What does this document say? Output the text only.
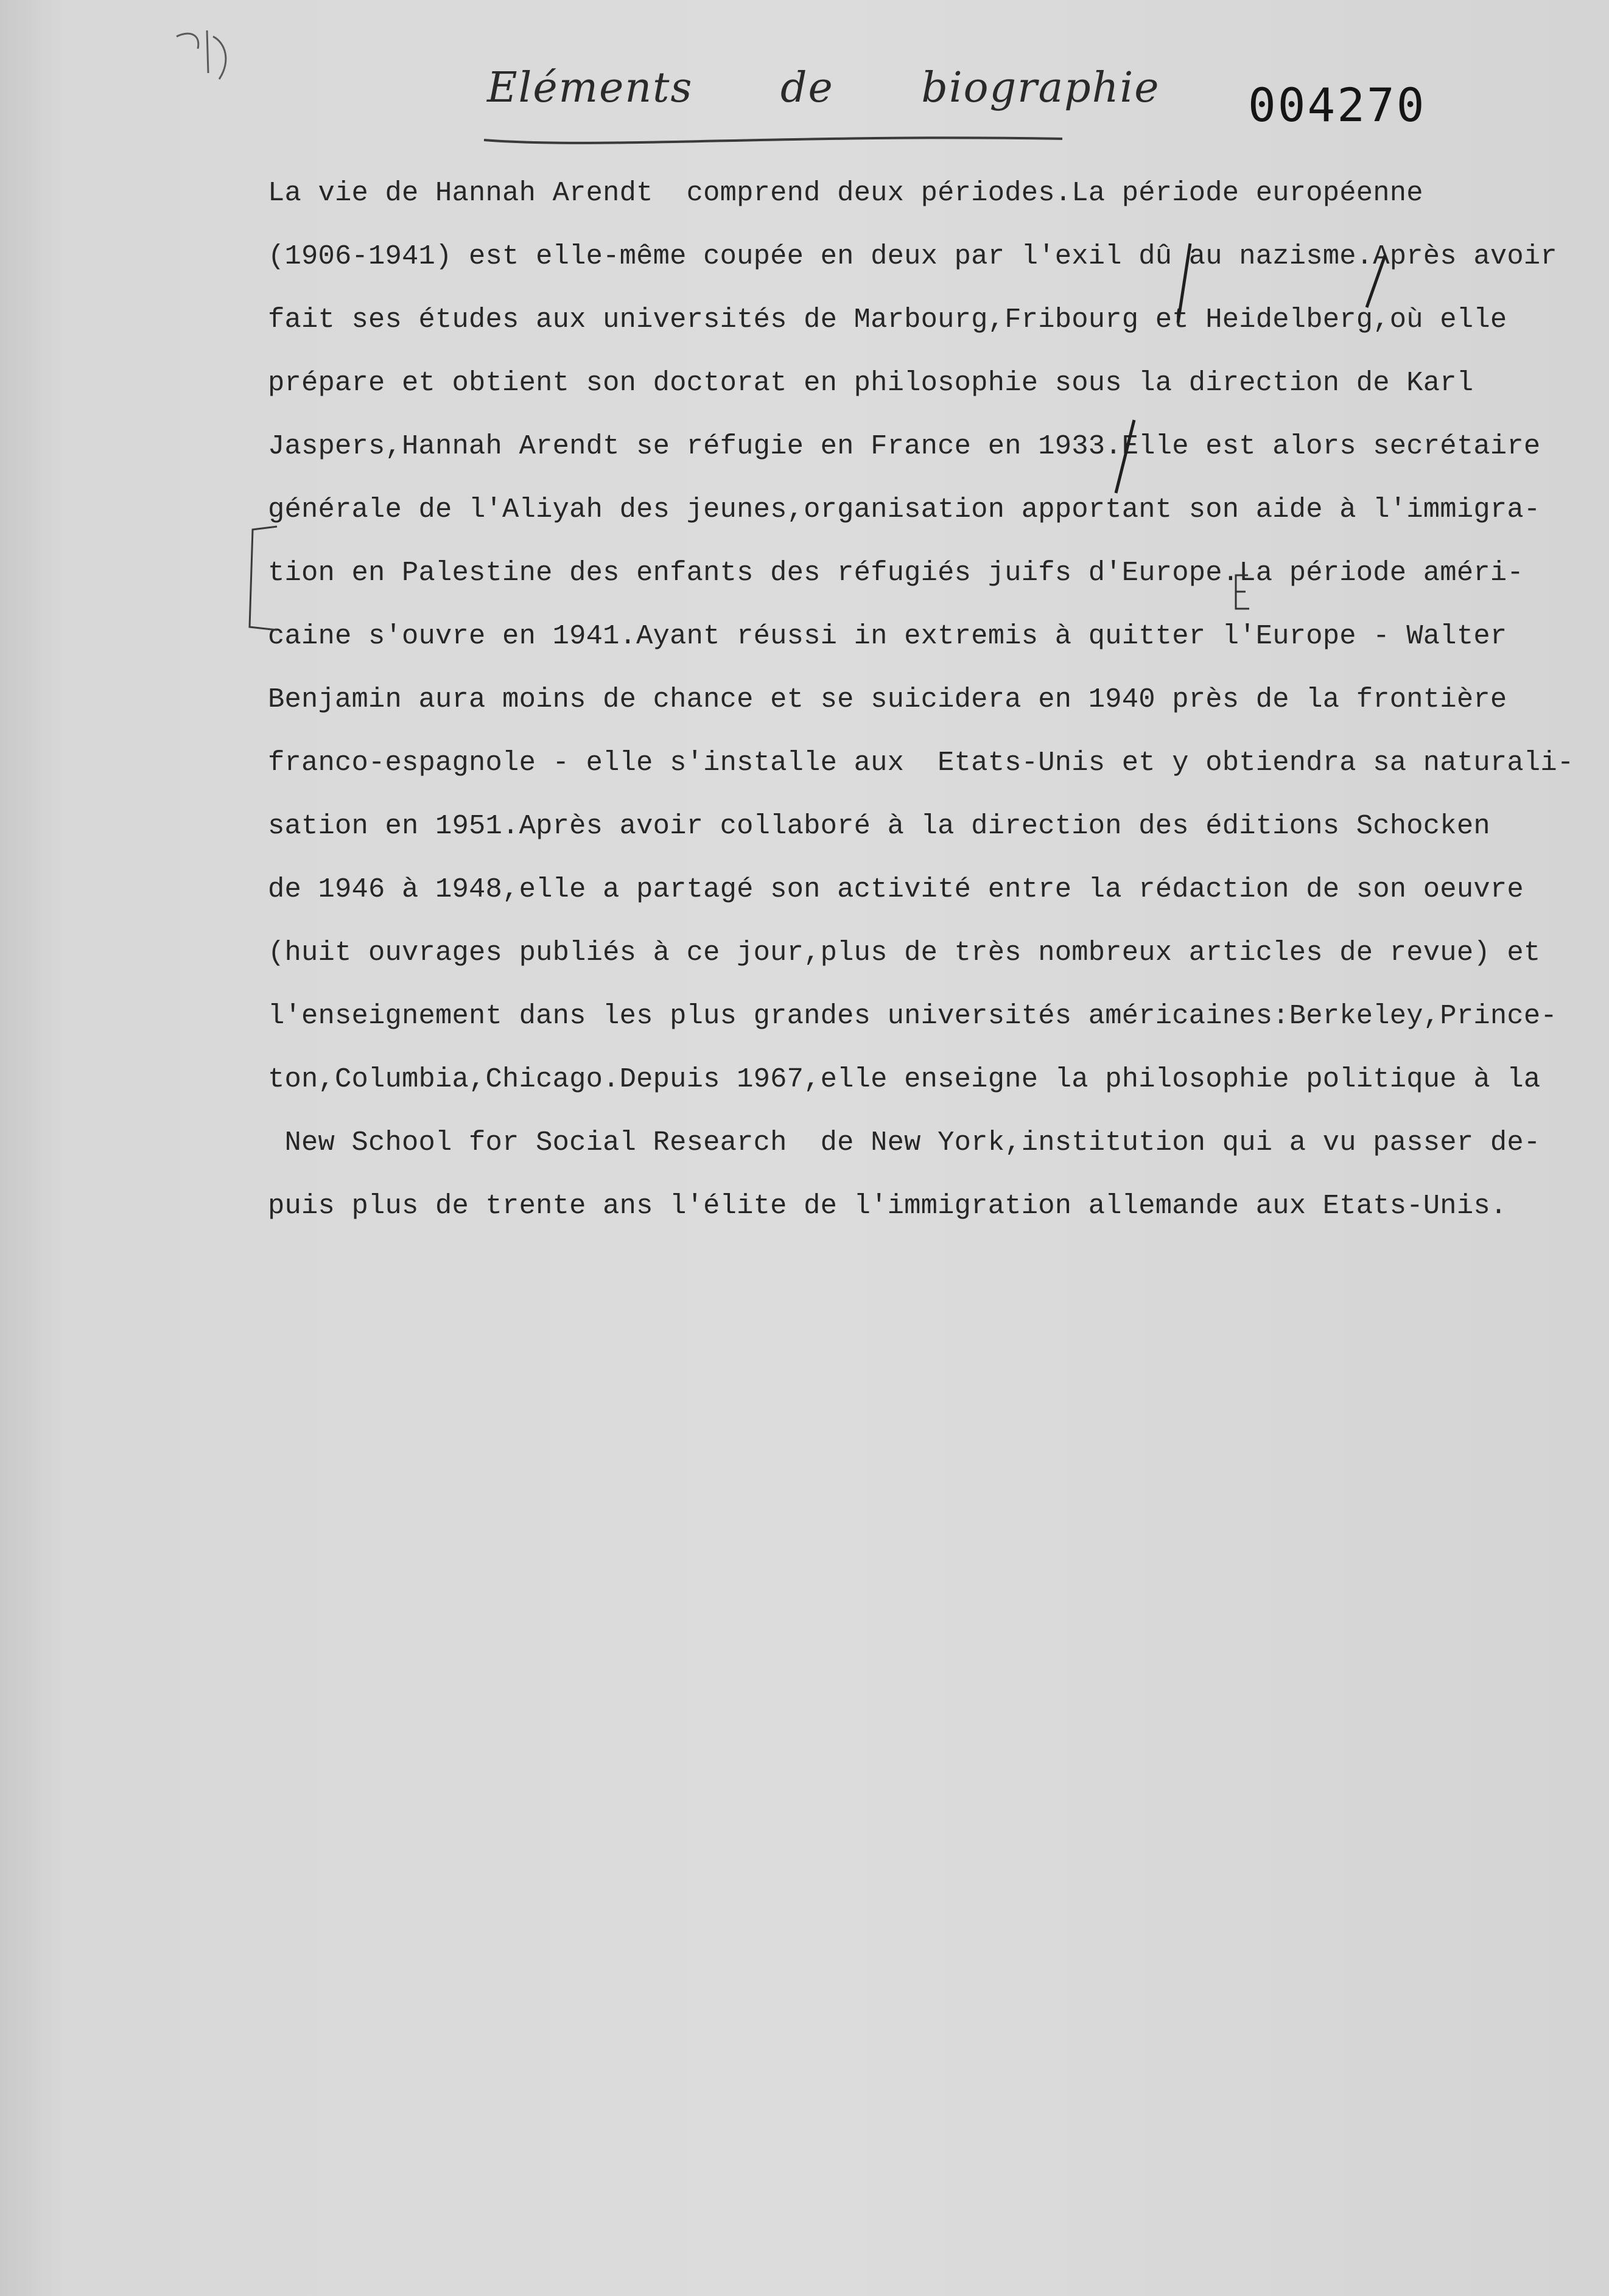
Eléments de biographie 004270
La vie de Hannah Arendt  comprend deux périodes.La période européenne
(1906-1941) est elle-même coupée en deux par l'exil dû au nazisme.Après avoir
fait ses études aux universités de Marbourg,Fribourg et Heidelberg,où elle
prépare et obtient son doctorat en philosophie sous la direction de Karl
Jaspers,Hannah Arendt se réfugie en France en 1933.Elle est alors secrétaire
générale de l'Aliyah des jeunes,organisation apportant son aide à l'immigra-
tion en Palestine des enfants des réfugiés juifs d'Europe.La période améri-
caine s'ouvre en 1941.Ayant réussi in extremis à quitter l'Europe - Walter
Benjamin aura moins de chance et se suicidera en 1940 près de la frontière
franco-espagnole - elle s'installe aux  Etats-Unis et y obtiendra sa naturali-
sation en 1951.Après avoir collaboré à la direction des éditions Schocken
de 1946 à 1948,elle a partagé son activité entre la rédaction de son oeuvre
(huit ouvrages publiés à ce jour,plus de très nombreux articles de revue) et
l'enseignement dans les plus grandes universités américaines:Berkeley,Prince-
ton,Columbia,Chicago.Depuis 1967,elle enseigne la philosophie politique à la
New School for Social Research  de New York,institution qui a vu passer de-
puis plus de trente ans l'élite de l'immigration allemande aux Etats-Unis.
